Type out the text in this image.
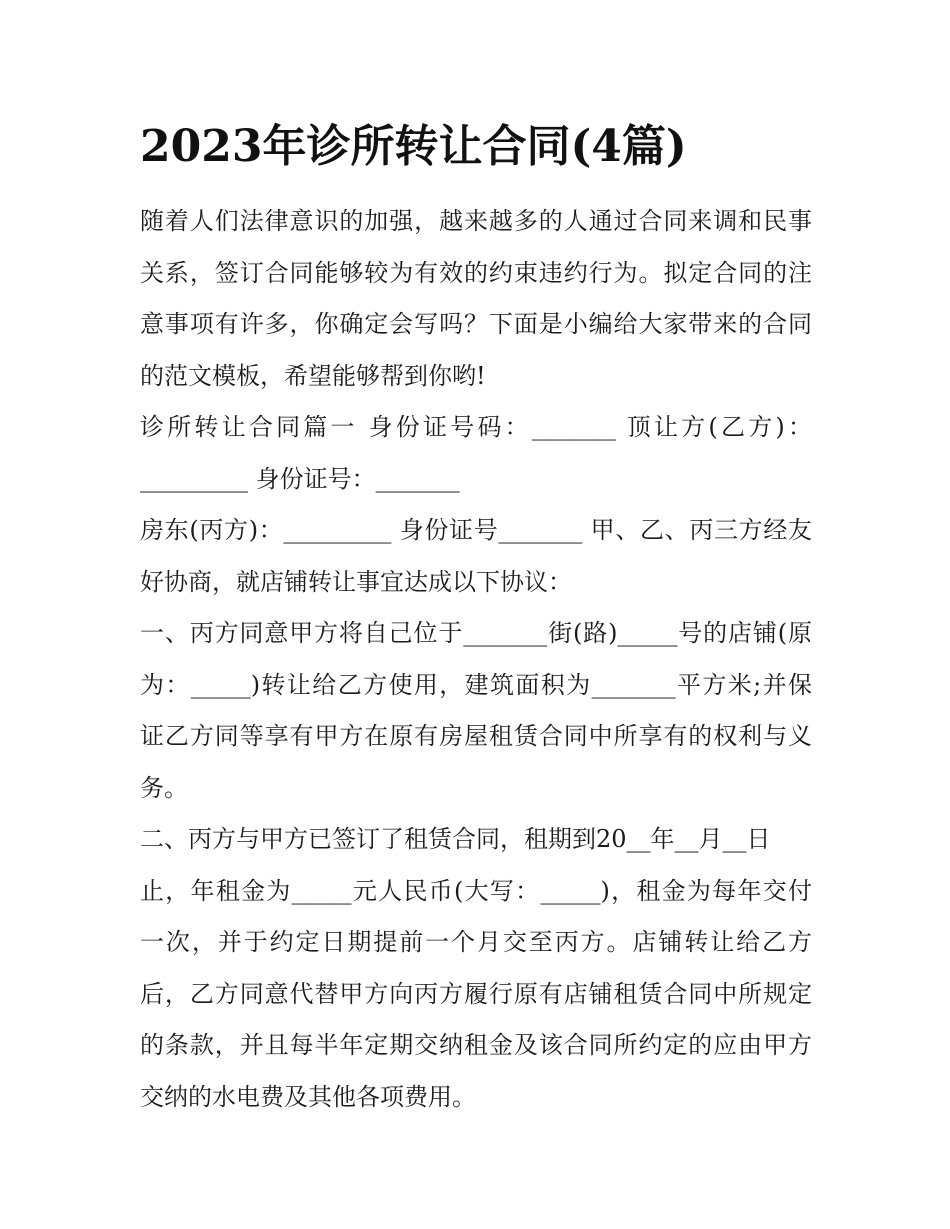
2023年诊所转让合同(4篇)
随着人们法律意识的加强，越来越多的人通过合同来调和民事
关系，签订合同能够较为有效的约束违约行为。拟定合同的注
意事项有许多，你确定会写吗？下面是小编给大家带来的合同
的范文模板，希望能够帮到你哟!
诊所转让合同篇一 身份证号码：_______ 顶让方(乙方)：
_________ 身份证号：_______
房东(丙方)：_________ 身份证号_______ 甲、乙、丙三方经友
好协商，就店铺转让事宜达成以下协议：
一、丙方同意甲方将自己位于_______街(路)_____号的店铺(原
为：_____)转让给乙方使用，建筑面积为_______平方米;并保
证乙方同等享有甲方在原有房屋租赁合同中所享有的权利与义
务。
二、丙方与甲方已签订了租赁合同，租期到20__年__月__日
止，年租金为_____元人民币(大写：_____)，租金为每年交付
一次，并于约定日期提前一个月交至丙方。店铺转让给乙方
后，乙方同意代替甲方向丙方履行原有店铺租赁合同中所规定
的条款，并且每半年定期交纳租金及该合同所约定的应由甲方
交纳的水电费及其他各项费用。
